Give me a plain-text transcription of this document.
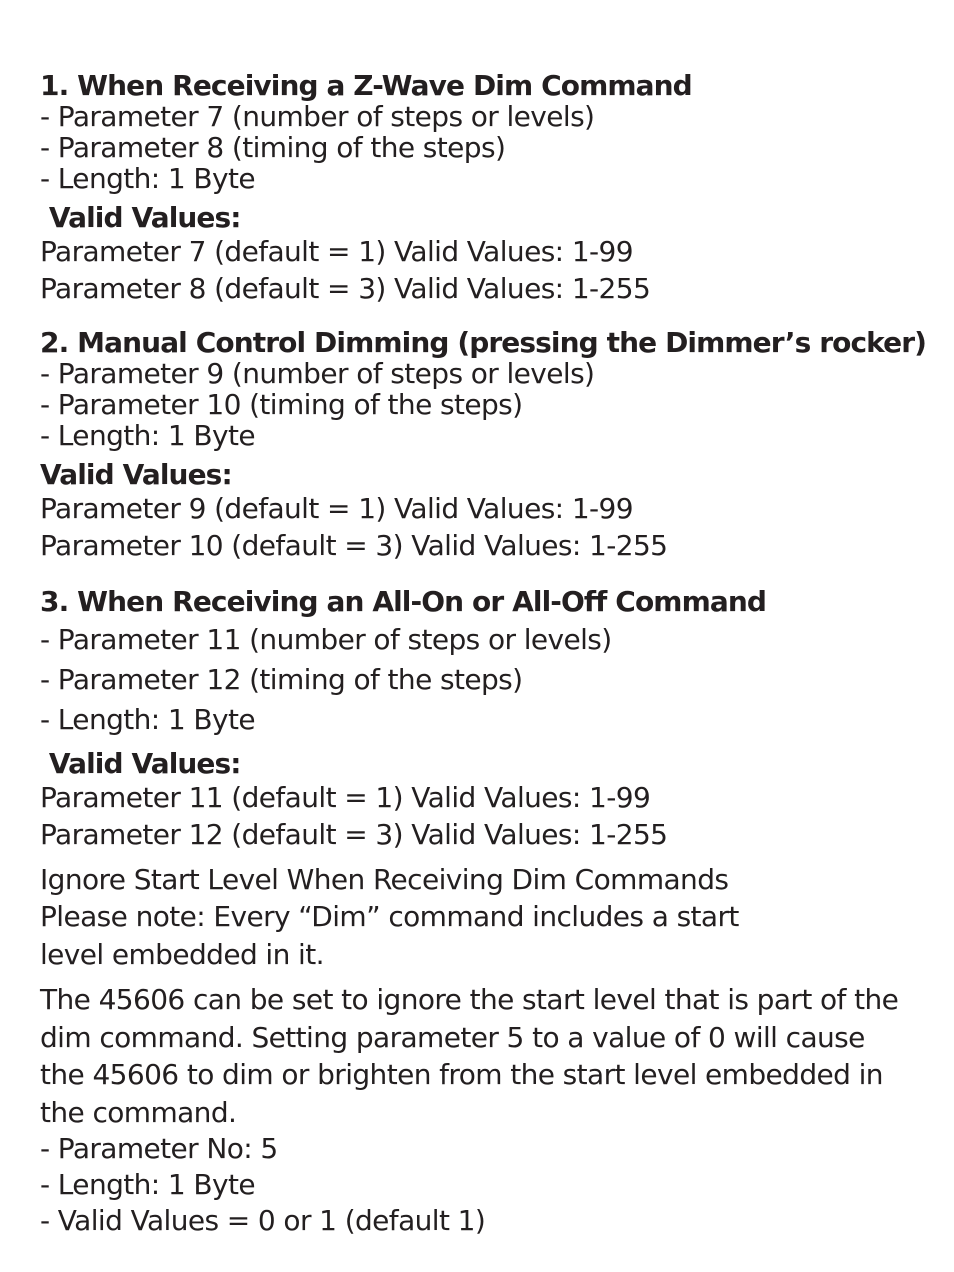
1. When Receiving a Z-Wave Dim Command
- Parameter 7 (number of steps or levels)
- Parameter 8 (timing of the steps)
- Length: 1 Byte
Valid Values:
Parameter 7 (default = 1) Valid Values: 1-99
Parameter 8 (default = 3) Valid Values: 1-255
2. Manual Control Dimming (pressing the Dimmer’s rocker)
- Parameter 9 (number of steps or levels)
- Parameter 10 (timing of the steps)
- Length: 1 Byte
Valid Values:
Parameter 9 (default = 1) Valid Values: 1-99
Parameter 10 (default = 3) Valid Values: 1-255
3. When Receiving an All-On or All-Off Command
- Parameter 11 (number of steps or levels)
- Parameter 12 (timing of the steps)
- Length: 1 Byte
Valid Values:
Parameter 11 (default = 1) Valid Values: 1-99
Parameter 12 (default = 3) Valid Values: 1-255
Ignore Start Level When Receiving Dim Commands
Please note: Every “Dim” command includes a start level embedded in it.
The 45606 can be set to ignore the start level that is part of the dim command. Setting parameter 5 to a value of 0 will cause the 45606 to dim or brighten from the start level embedded in the command.
- Parameter No: 5
- Length: 1 Byte
- Valid Values = 0 or 1 (default 1)
